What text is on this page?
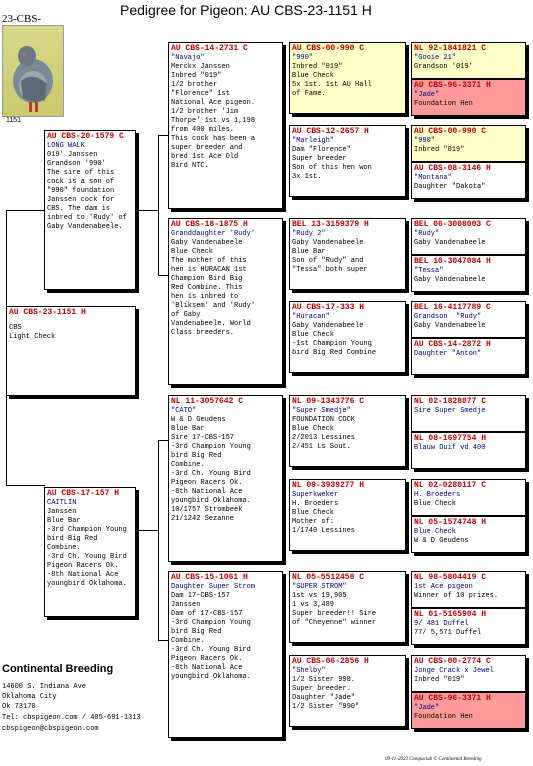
Pedigree for Pigeon: AU CBS-23-1151 H
23-CBS-
1151
AU CBS-23-1151 H
CBS
Light Check
AU CBS-20-1579 C
LONG WALK
019' Janssen
Grandson '990'
The sire of this
cock is a son of
"990" foundation
Janssen cock for
CBS. The dam is
inbred to 'Rudy' of
Gaby Vandenabeele.
AU CBS-17-157 H
CAITLIN
Janssen
Blue Bar
-3rd Champion Young
bird Big Red
Combine.
-3rd Ch. Young Bird
Pigeon Racers Ok.
-8th National Ace
youngbird Oklahoma.
AU CBS-14-2731 C
"Navajo"
Merckx Janssen
Inbred "019"
1/2 brother
"Florence" 1st
National Ace pigeon.
1/2 brother 'Jim
Thorpe' 1st vs 1,198
from 400 miles.
This cock has been a
super breeder and
bred 1st Ace Old
Bird NTC.
AU CBS-18-1875 H
Granddaughter 'Rudy'
Gaby Vandenabeele
Blue Check
The mother of this
hen is HURACAN 1st
Champion Bird Big
Red Combine. This
hen is inbred to
'Bliksem' and 'Rudy'
of Gaby
Vandenabeele. World
Class breeders.
NL 11-3057642 C
"CATO"
W & D Geudens
Blue Bar
Sire 17-CBS-157
-3rd Champion Young
bird Big Red
Combine.
-3rd Ch. Young Bird
Pigeon Racers Ok.
-8th National Ace
youngbird Oklahoma.
10/1757 Strombeek
21/1242 Sezanne
AU CBS-15-1061 H
Daughter Super Strom
Dam 17-CBS-157
Janssen
Dam of 17-CBS-157
-3rd Champion Young
bird Big Red
Combine.
-3rd Ch. Young Bird
Pigeon Racers Ok.
-8th National Ace
youngbird Oklahoma.
AU CBS-00-990 C
"990"
Inbred "019"
Blue Check
5x 1st. 1st AU Hall
of Fame.
AU CBS-12-2657 H
"Marleigh"
Dam "Florence"
Super breeder
Son of this hen won
3x 1st.
BEL 13-3159379 H
"Rudy 2"
Gaby Vandenabeele
Blue Bar
Son of "Rudy" and
"Tessa" both super
AU CBS-17-333 H
"Huracan"
Gaby Vandenabeele
Blue Check
-1st Champion Young
bird Big Red Combine
NL 09-1343776 C
"Super Smedje"
FOUNDATION COCK
Blue Check
2/2013 Lessines
2/451 Ls Sout.
NL 09-3939277 H
Superkweker
H. Broeders
Blue Check
Mother of:
1/1740 Lessines
NL 05-5512458 C
"SUPER STROM"
1st vs 19,905
1 vs 3,489
Super breeder!! Sire
of "Cheyenne" winner
AU CBS-06-2856 H
"Shelby"
1/2 Sister 990.
Super breeder.
Daughter "Jade"
1/2 Sister "990"
NL 92-1841821 C
"Gooie 21"
Grandson '019'
AU CBS-96-3371 H
"Jade"
Foundation Hen
AU CBS-00-990 C
"990"
Inbred "019"
AU CBS-08-3146 H
"Montana"
Daughter "Dakota"
BEL 06-3008003 C
"Rudy"
Gaby Vandenabeele
BEL 10-3047084 H
"Tessa"
Gaby Vandenabeele
BEL 16-4117789 C
Grandson  "Rudy"
Gaby Vandenabeele
AU CBS-14-2872 H
Daughter "Anton"
NL 02-1828077 C
Sire Super Smedje
NL 08-1697754 H
Blauw Duif vd 400
NL 02-0280117 C
H. Broeders
Blue Check
NL 05-1574748 H
Blue Check
W & D Geudens
NL 98-5804419 C
1st Ace pigeon
Winner of 10 prizes.
NL 01-5165904 H
9/ 481 Duffel
77/ 5,571 Duffel
AU CBS-00-2774 C
Jonge Crack x Jewel
Inbred "019"
AU CBS-96-3371 H
"Jade"
Foundation Hen
Continental Breeding
14600 S. Indiana Ave
Oklahoma City
Ok 73170
Tel: cbspigeon.com / 405-691-1313
cbspigeon@cbspigeon.com
09-11-2023 Compuclub © Continental Breeding
